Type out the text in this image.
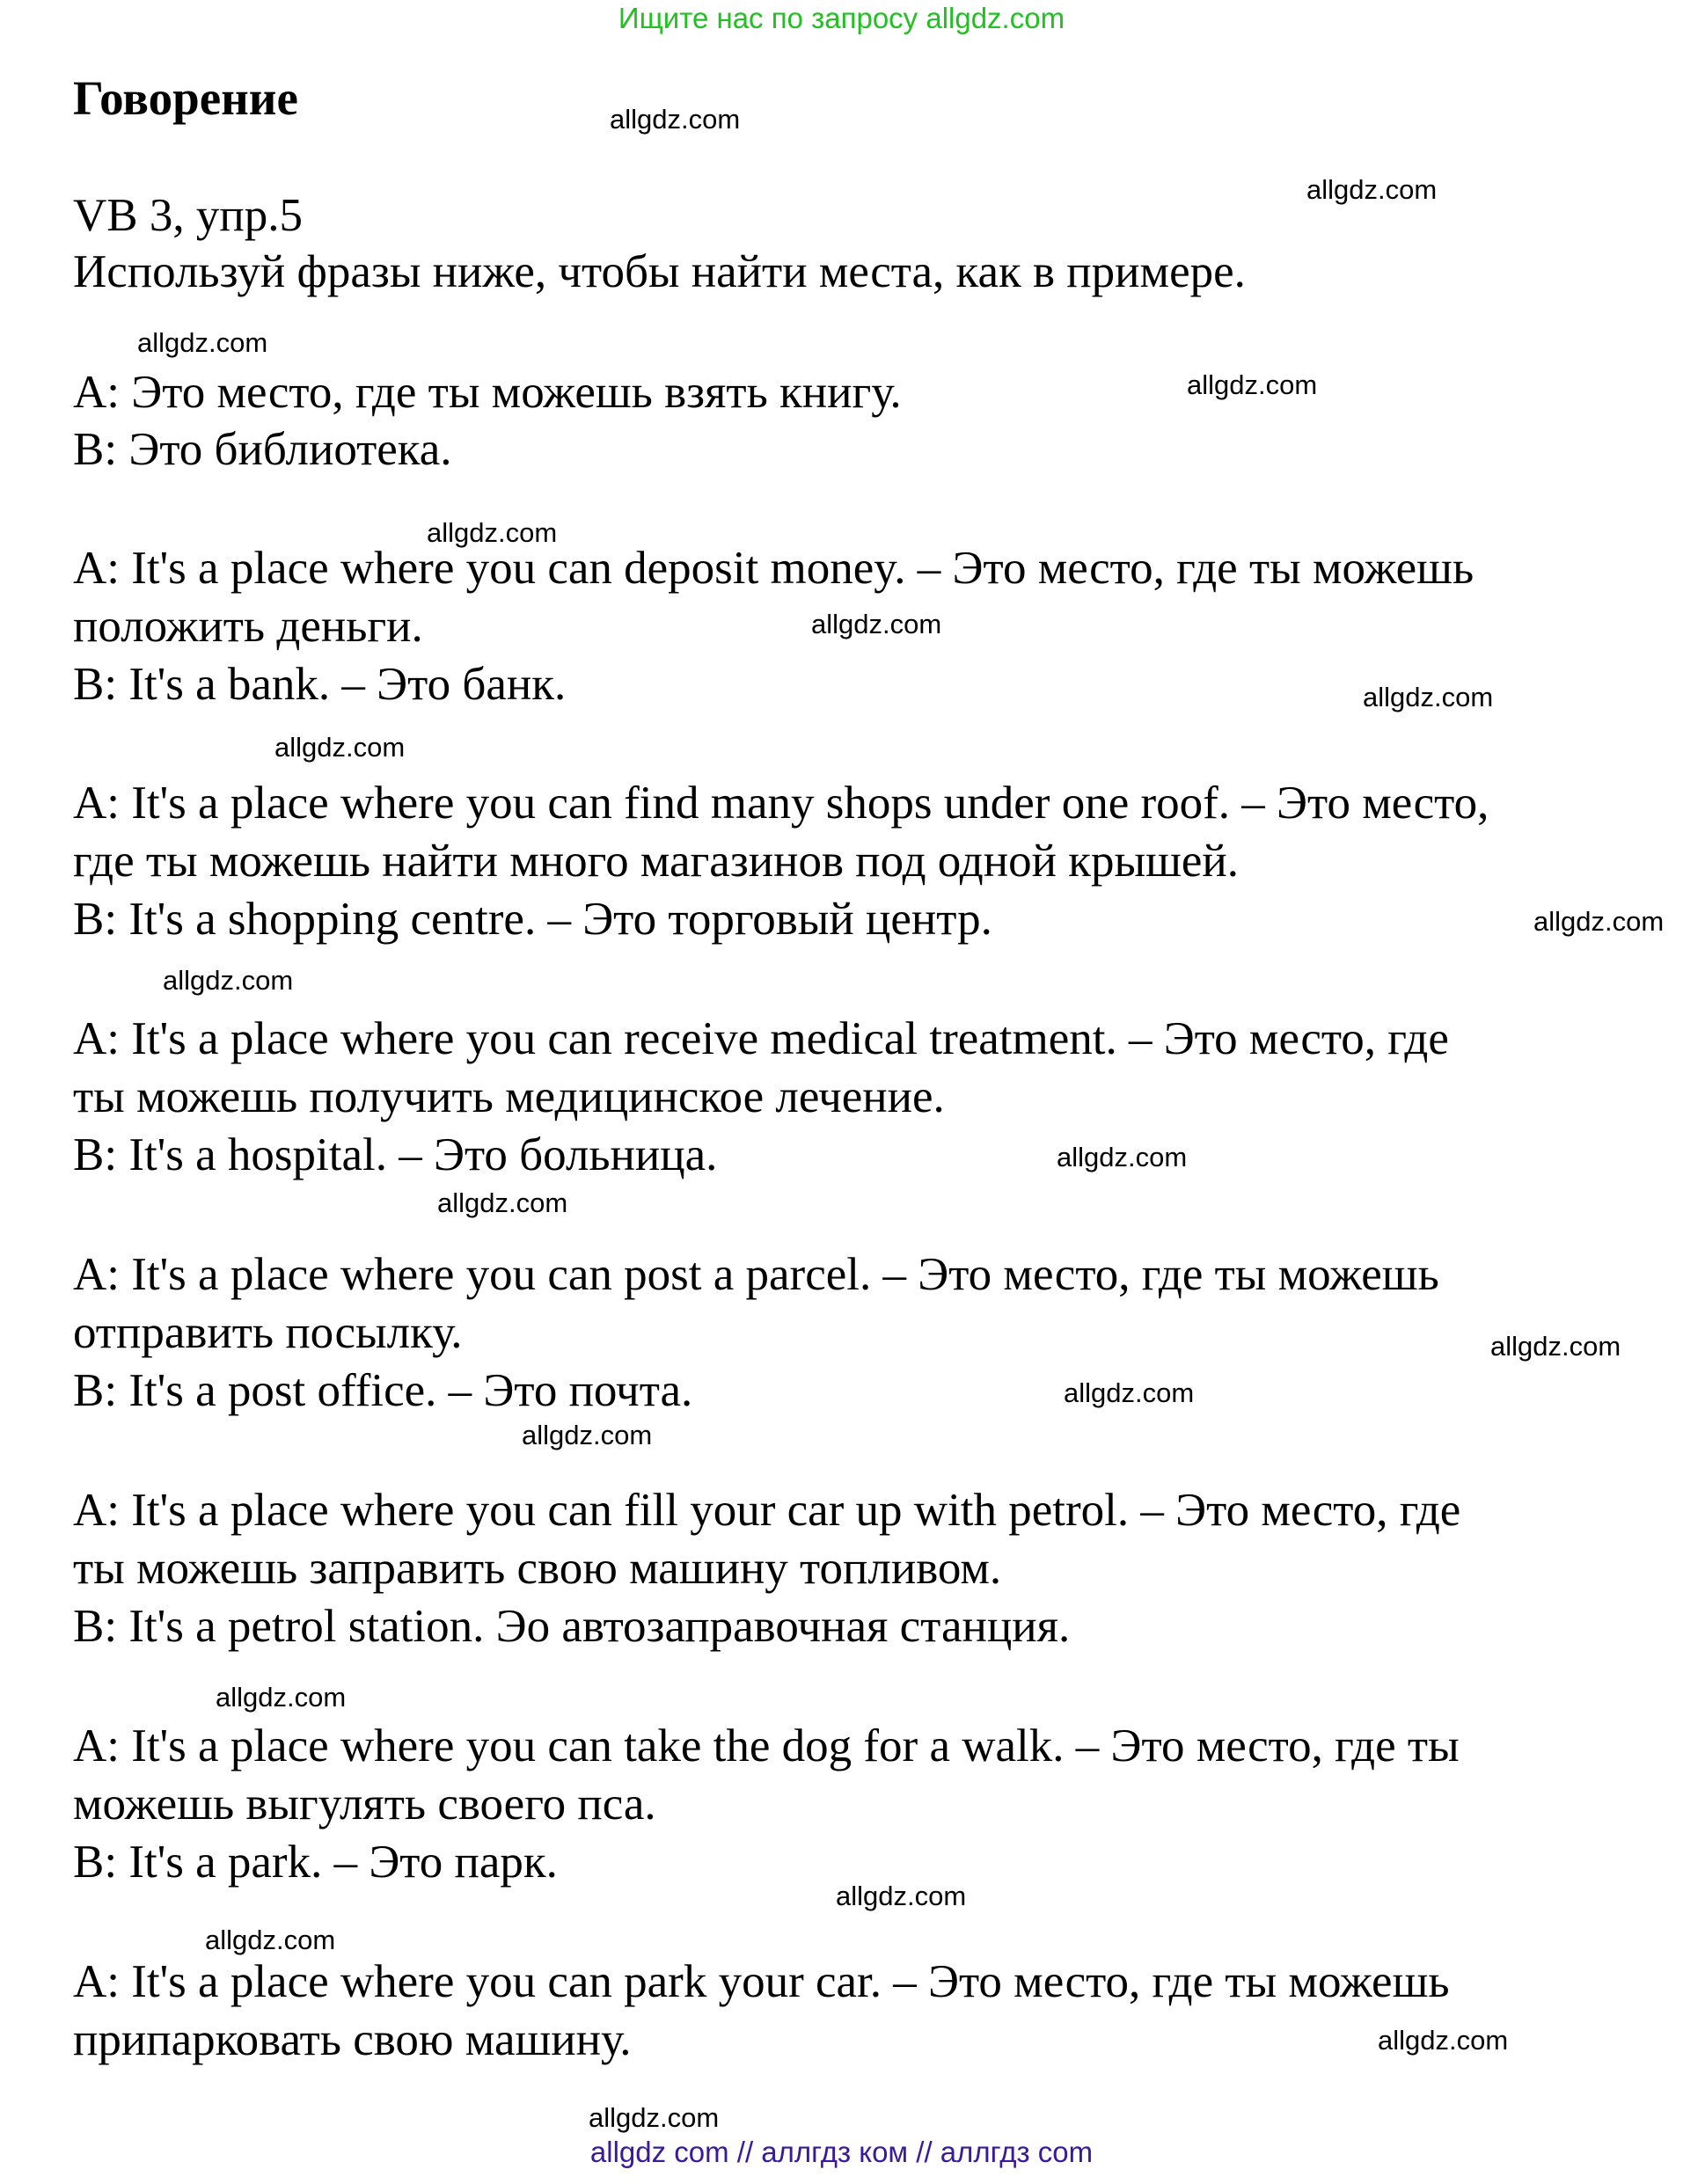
Ищите нас по запросу allgdz.com
Говорение
VB 3, упр.5
Используй фразы ниже, чтобы найти места, как в примере.
A: Это место, где ты можешь взять книгу.
B: Это библиотека.
A: It's a place where you can deposit money. – Это место, где ты можешь
положить деньги.
B: It's a bank. – Это банк.
A: It's a place where you can find many shops under one roof. – Это место,
где ты можешь найти много магазинов под одной крышей.
B: It's a shopping centre. – Это торговый центр.
A: It's a place where you can receive medical treatment. – Это место, где
ты можешь получить медицинское лечение.
B: It's a hospital. – Это больница.
A: It's a place where you can post a parcel. – Это место, где ты можешь
отправить посылку.
B: It's a post office. – Это почта.
A: It's a place where you can fill your car up with petrol. – Это место, где
ты можешь заправить свою машину топливом.
B: It's a petrol station. Эо автозаправочная станция.
A: It's a place where you can take the dog for a walk. – Это место, где ты
можешь выгулять своего пса.
B: It's a park. – Это парк.
A: It's a place where you can park your car. – Это место, где ты можешь
припарковать свою машину.
allgdz.com
allgdz.com
allgdz.com
allgdz.com
allgdz.com
allgdz.com
allgdz.com
allgdz.com
allgdz.com
allgdz.com
allgdz.com
allgdz.com
allgdz.com
allgdz.com
allgdz.com
allgdz.com
allgdz.com
allgdz.com
allgdz.com
allgdz.com
allgdz com // аллгдз ком // аллгдз com
